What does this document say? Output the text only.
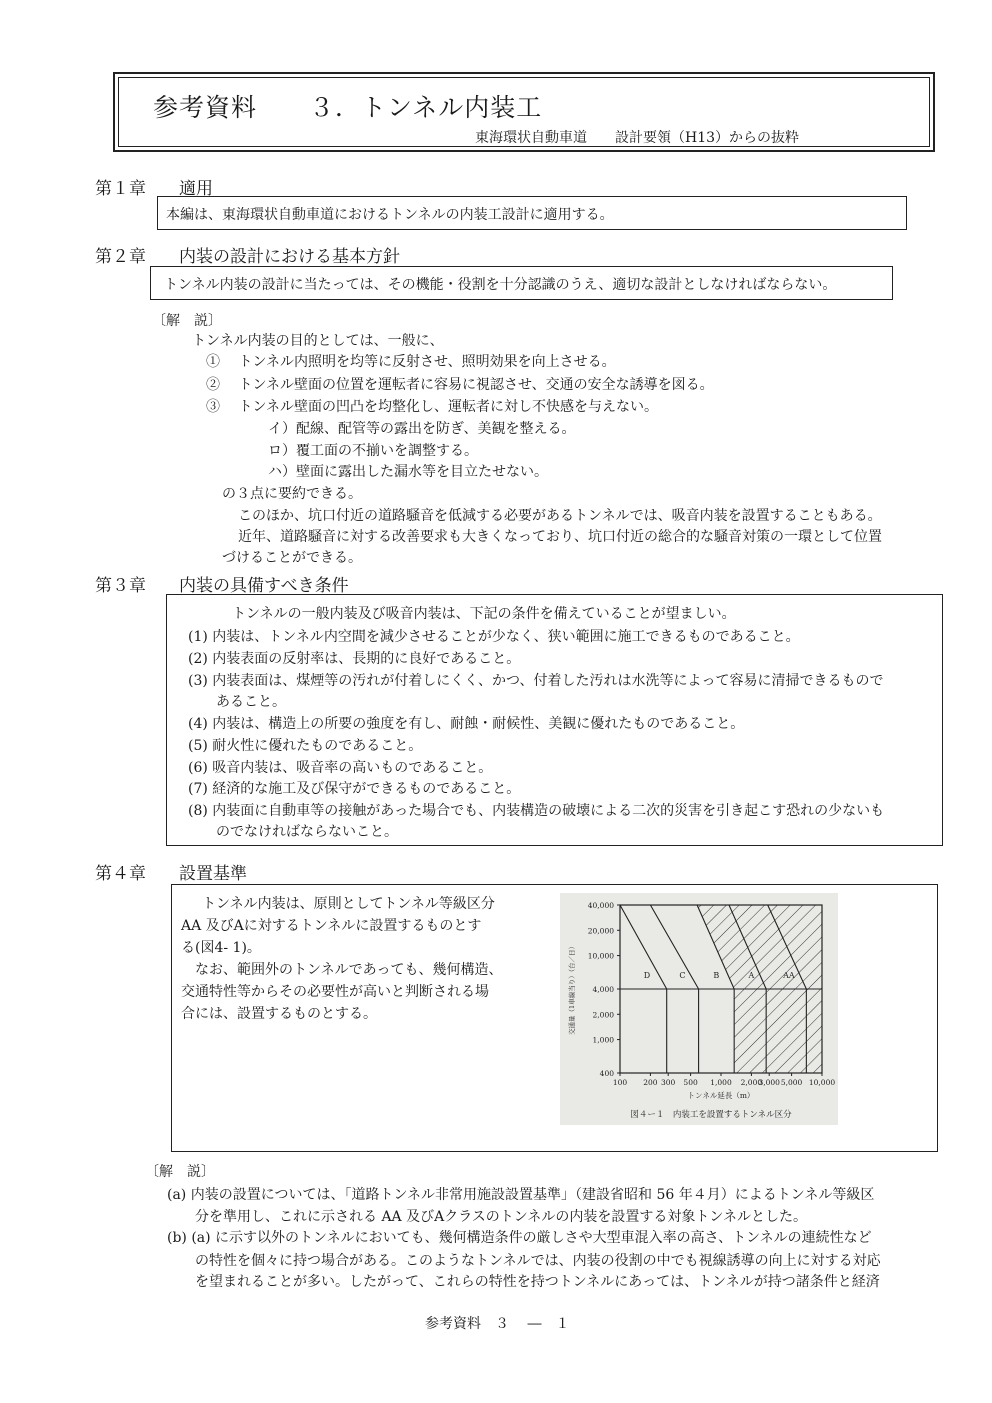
参考資料　　３．トンネル内装工
東海環状自動車道　　設計要領（H13）からの抜粋
第１章 適用
本編は、東海環状自動車道におけるトンネルの内装工設計に適用する。
第２章 内装の設計における基本方針
トンネル内装の設計に当たっては、その機能・役割を十分認識のうえ、適切な設計としなければならない。
〔解　説〕
トンネル内装の目的としては、一般に、
①　 トンネル内照明を均等に反射させ、照明効果を向上させる。
②　 トンネル壁面の位置を運転者に容易に視認させ、交通の安全な誘導を図る。
③　 トンネル壁面の凹凸を均整化し、運転者に対し不快感を与えない。
イ）配線、配管等の露出を防ぎ、美観を整える。
ロ）覆工面の不揃いを調整する。
ハ）壁面に露出した漏水等を目立たせない。
の３点に要約できる。
このほか、坑口付近の道路騒音を低減する必要があるトンネルでは、吸音内装を設置することもある。
近年、道路騒音に対する改善要求も大きくなっており、坑口付近の総合的な騒音対策の一環として位置
づけることができる。
第３章 内装の具備すべき条件
トンネルの一般内装及び吸音内装は、下記の条件を備えていることが望ましい。
(1) 内装は、トンネル内空間を減少させることが少なく、狭い範囲に施工できるものであること。
(2) 内装表面の反射率は、長期的に良好であること。
(3) 内装表面は、煤煙等の汚れが付着しにくく、かつ、付着した汚れは水洗等によって容易に清掃できるもので
あること。
(4) 内装は、構造上の所要の強度を有し、耐蝕・耐候性、美観に優れたものであること。
(5) 耐火性に優れたものであること。
(6) 吸音内装は、吸音率の高いものであること。
(7) 経済的な施工及び保守ができるものであること。
(8) 内装面に自動車等の接触があった場合でも、内装構造の破壊による二次的災害を引き起こす恐れの少ないも
のでなければならないこと。
第４章 設置基準
トンネル内装は、原則としてトンネル等級区分
AA 及びAに対するトンネルに設置するものとす
る(図4- 1)。
なお、範囲外のトンネルであっても、幾何構造、
交通特性等からその必要性が高いと判断される場
合には、設置するものとする。
D	C	B	A	AA
100 200 300 500 1,000 2,000
3,000 5,000 10,000
400
1,000
2,000
4,000
10,000
20,000
40,000
トンネル延長（m）
交通量（1車線当り）（台／日）
図４ー１　内装工を設置するトンネル区分
〔解　説〕
(a) 内装の設置については、「道路トンネル非常用施設設置基準」（建設省昭和 56 年４月）によるトンネル等級区
分を準用し、これに示される AA 及びAクラスのトンネルの内装を設置する対象トンネルとした。
(b) (a) に示す以外のトンネルにおいても、幾何構造条件の厳しさや大型車混入率の高さ、トンネルの連続性など
の特性を個々に持つ場合がある。このようなトンネルでは、内装の役割の中でも視線誘導の向上に対する対応
を望まれることが多い。したがって、これらの特性を持つトンネルにあっては、トンネルが持つ諸条件と経済
参考資料　３　 ―　１
